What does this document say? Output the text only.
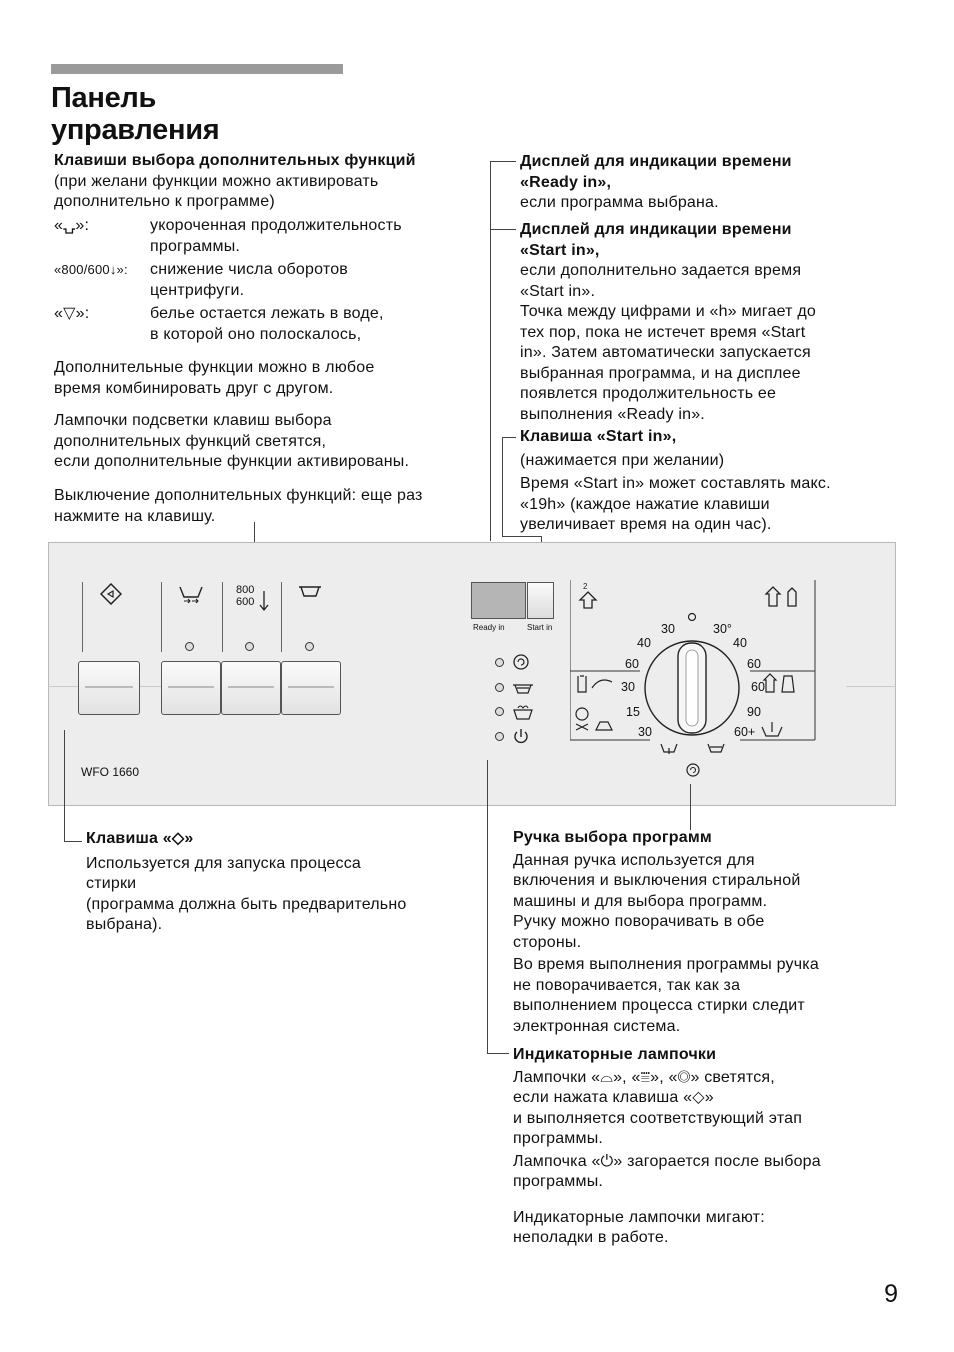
Панель
управления
Клавиши выбора дополнительных функций
(при желани функции можно активировать
дополнительно к программе)
«⍽»:	укороченная продолжительность
программы.
«800/600↓»:	снижение числа оборотов
центрифуги.
«▽»:	белье остается лежать в воде,
в которой оно полоскалось,
Дополнительные функции можно в любое
время комбинировать друг с другом.
Лампочки подсветки клавиш выбора
дополнительных функций светятся,
если дополнительные функции активированы.
Выключение дополнительных функций: еще раз
нажмите на клавишу.
Дисплей для индикации времени
«Ready in»,
если программа выбрана.
Дисплей для индикации времени
«Start in»,
если дополнительно задается время
«Start in».
Точка между цифрами и «h» мигает до
тех пор, пока не истечет время «Start
in». Затем автоматически запускается
выбранная программа, и на дисплее
появлется продолжительность ее
выполнения «Ready in».
Клавиша «Start in»,
(нажимается при желании)
Время «Start in» может составлять макс.
«19h» (каждое нажатие клавиши
увеличивает время на один час).
800
600
WFO 1660
Ready in	Start in
2
30	30°
40	40
60	60
30	60
15	90
30	60+
Клавиша «◇»
Используется для запуска процесса
стирки
(программа должна быть предварительно
выбрана).
Ручка выбора программ
Данная ручка используется для
включения и выключения стиральной
машины и для выбора программ.
Ручку можно поворачивать в обе
стороны.
Во время выполнения программы ручка
не поворачивается, так как за
выполнением процесса стирки следит
электронная система.
Индикаторные лампочки
Лампочки «⌓», «⩸», «◎» светятся,
если нажата клавиша «◇»
и выполняется соответствующий этап
программы.
Лампочка «⏻» загорается после выбора
программы.
Индикаторные лампочки мигают:
неполадки в работе.
9
